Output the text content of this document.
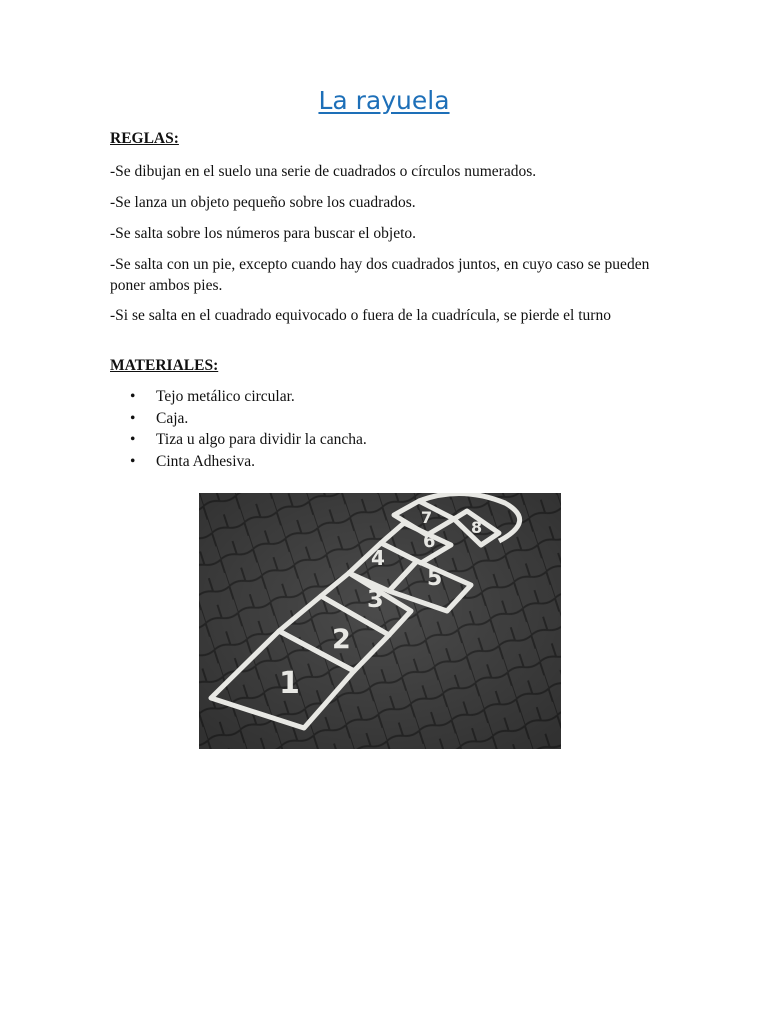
La rayuela
REGLAS:
-Se dibujan en el suelo una serie de cuadrados o círculos numerados.
-Se lanza un objeto pequeño sobre los cuadrados.
-Se salta sobre los números para buscar el objeto.
-Se salta con un pie, excepto cuando hay dos cuadrados juntos, en cuyo caso se pueden poner ambos pies.
-Si se salta en el cuadrado equivocado o fuera de la cuadrícula, se pierde el turno
MATERIALES:
• Tejo metálico circular.
• Caja.
• Tiza u algo para dividir la cancha.
• Cinta Adhesiva.
1
2
3
4
5
6
7
8
